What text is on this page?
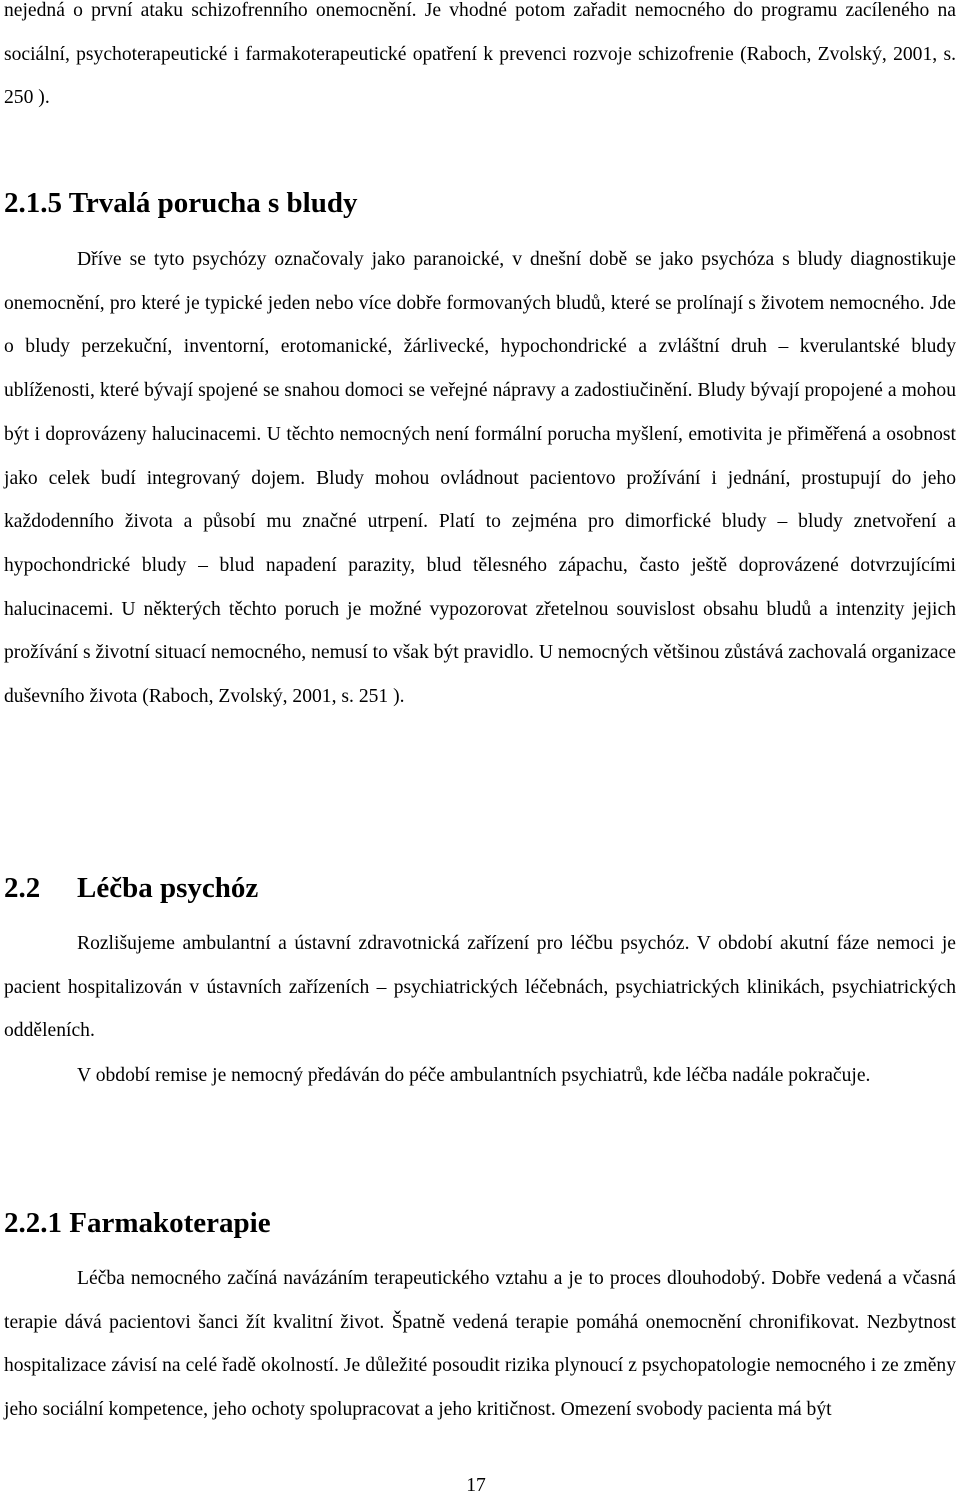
nejedná o první ataku schizofrenního onemocnění. Je vhodné potom zařadit nemocného do programu zacíleného na sociální, psychoterapeutické i farmakoterapeutické opatření k prevenci rozvoje schizofrenie (Raboch, Zvolský, 2001, s. 250 ).

2.1.5 Trvalá porucha s bludy

Dříve se tyto psychózy označovaly jako paranoické, v dnešní době se jako psychóza s bludy diagnostikuje onemocnění, pro které je typické jeden nebo více dobře formovaných bludů, které se prolínají s životem nemocného. Jde o bludy perzekuční, inventorní, erotomanické, žárlivecké, hypochondrické a zvláštní druh – kverulantské bludy ublíženosti, které bývají spojené se snahou domoci se veřejné nápravy a zadostiučinění. Bludy bývají propojené a mohou být i doprovázeny halucinacemi. U těchto nemocných není formální porucha myšlení, emotivita je přiměřená a osobnost jako celek budí integrovaný dojem. Bludy mohou ovládnout pacientovo prožívání i jednání, prostupují do jeho každodenního života a působí mu značné utrpení. Platí to zejména pro dimorfické bludy – bludy znetvoření a hypochondrické bludy – blud napadení parazity, blud tělesného zápachu, často ještě doprovázené dotvrzujícími halucinacemi. U některých těchto poruch je možné vypozorovat zřetelnou souvislost obsahu bludů a intenzity jejich prožívání s životní situací nemocného, nemusí to však být pravidlo. U nemocných většinou zůstává zachovalá organizace duševního života (Raboch, Zvolský, 2001, s. 251 ).

2.2 Léčba psychóz

Rozlišujeme ambulantní a ústavní zdravotnická zařízení pro léčbu psychóz. V období akutní fáze nemoci je pacient hospitalizován v ústavních zařízeních – psychiatrických léčebnách, psychiatrických klinikách, psychiatrických odděleních.

V období remise je nemocný předáván do péče ambulantních psychiatrů, kde léčba nadále pokračuje.

2.2.1 Farmakoterapie

Léčba nemocného začíná navázáním terapeutického vztahu a je to proces dlouhodobý. Dobře vedená a včasná terapie dává pacientovi šanci žít kvalitní život. Špatně vedená terapie pomáhá onemocnění chronifikovat. Nezbytnost hospitalizace závisí na celé řadě okolností. Je důležité posoudit rizika plynoucí z psychopatologie nemocného i ze změny jeho sociální kompetence, jeho ochoty spolupracovat a jeho kritičnost. Omezení svobody pacienta má být

17
